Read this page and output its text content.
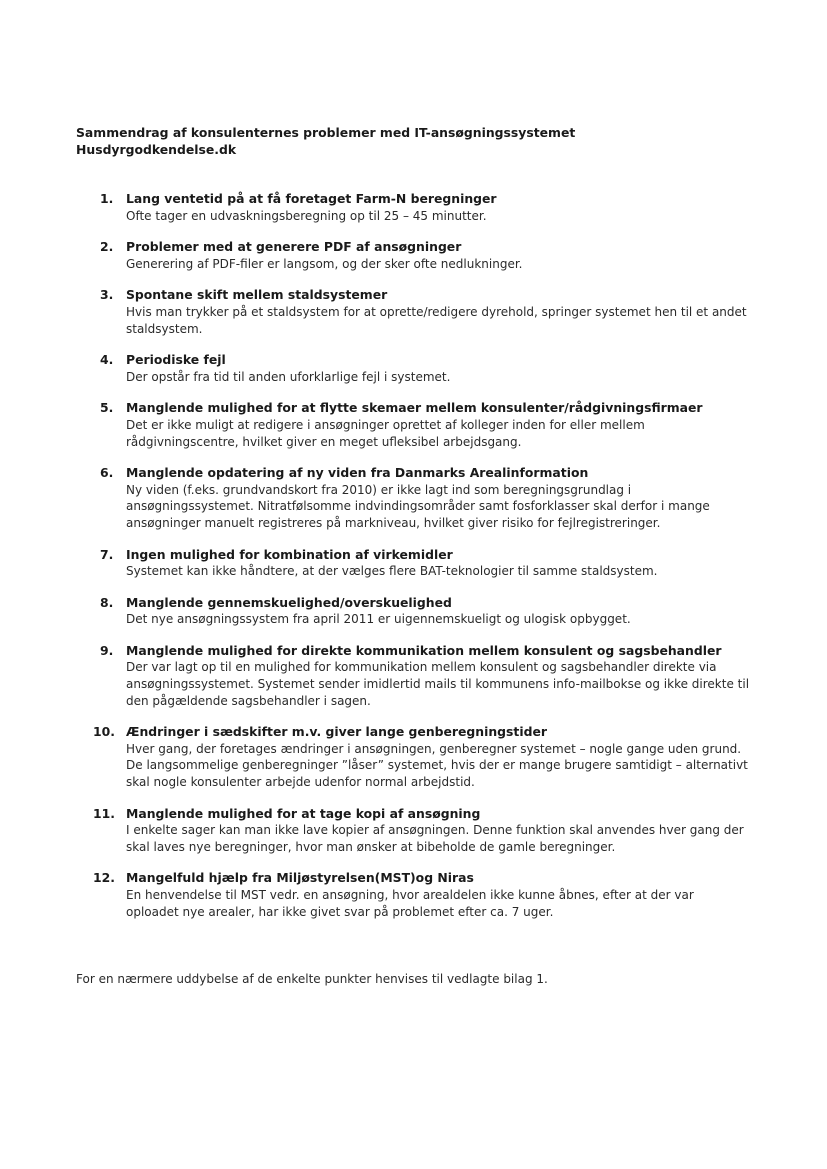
Sammendrag af konsulenternes problemer med IT-ansøgningssystemet
Husdyrgodkendelse.dk
1. Lang ventetid på at få foretaget Farm-N beregninger
Ofte tager en udvaskningsberegning op til 25 – 45 minutter.
2. Problemer med at generere PDF af ansøgninger
Generering af PDF-filer er langsom, og der sker ofte nedlukninger.
3. Spontane skift mellem staldsystemer
Hvis man trykker på et staldsystem for at oprette/redigere dyrehold, springer systemet hen til et andet staldsystem.
4. Periodiske fejl
Der opstår fra tid til anden uforklarlige fejl i systemet.
5. Manglende mulighed for at flytte skemaer mellem konsulenter/rådgivningsfirmaer
Det er ikke muligt at redigere i ansøgninger oprettet af kolleger inden for eller mellem rådgivningscentre, hvilket giver en meget ufleksibel arbejdsgang.
6. Manglende opdatering af ny viden fra Danmarks Arealinformation
Ny viden (f.eks. grundvandskort fra 2010) er ikke lagt ind som beregningsgrundlag i ansøgningssystemet. Nitratfølsomme indvindingsområder samt fosforklasser skal derfor i mange ansøgninger manuelt registreres på markniveau, hvilket giver risiko for fejlregistreringer.
7. Ingen mulighed for kombination af virkemidler
Systemet kan ikke håndtere, at der vælges flere BAT-teknologier til samme staldsystem.
8. Manglende gennemskuelighed/overskuelighed
Det nye ansøgningssystem fra april 2011 er uigennemskueligt og ulogisk opbygget.
9. Manglende mulighed for direkte kommunikation mellem konsulent og sagsbehandler
Der var lagt op til en mulighed for kommunikation mellem konsulent og sagsbehandler direkte via ansøgningssystemet. Systemet sender imidlertid mails til kommunens info-mailbokse og ikke direkte til den pågældende sagsbehandler i sagen.
10. Ændringer i sædskifter m.v. giver lange genberegningstider
Hver gang, der foretages ændringer i ansøgningen, genberegner systemet – nogle gange uden grund. De langsommelige genberegninger ”låser” systemet, hvis der er mange brugere samtidigt – alternativt skal nogle konsulenter arbejde udenfor normal arbejdstid.
11. Manglende mulighed for at tage kopi af ansøgning
I enkelte sager kan man ikke lave kopier af ansøgningen. Denne funktion skal anvendes hver gang der skal laves nye beregninger, hvor man ønsker at bibeholde de gamle beregninger.
12. Mangelfuld hjælp fra Miljøstyrelsen(MST)og Niras
En henvendelse til MST vedr. en ansøgning, hvor arealdelen ikke kunne åbnes, efter at der var oploadet nye arealer, har ikke givet svar på problemet efter ca. 7 uger.
For en nærmere uddybelse af de enkelte punkter henvises til vedlagte bilag 1.
